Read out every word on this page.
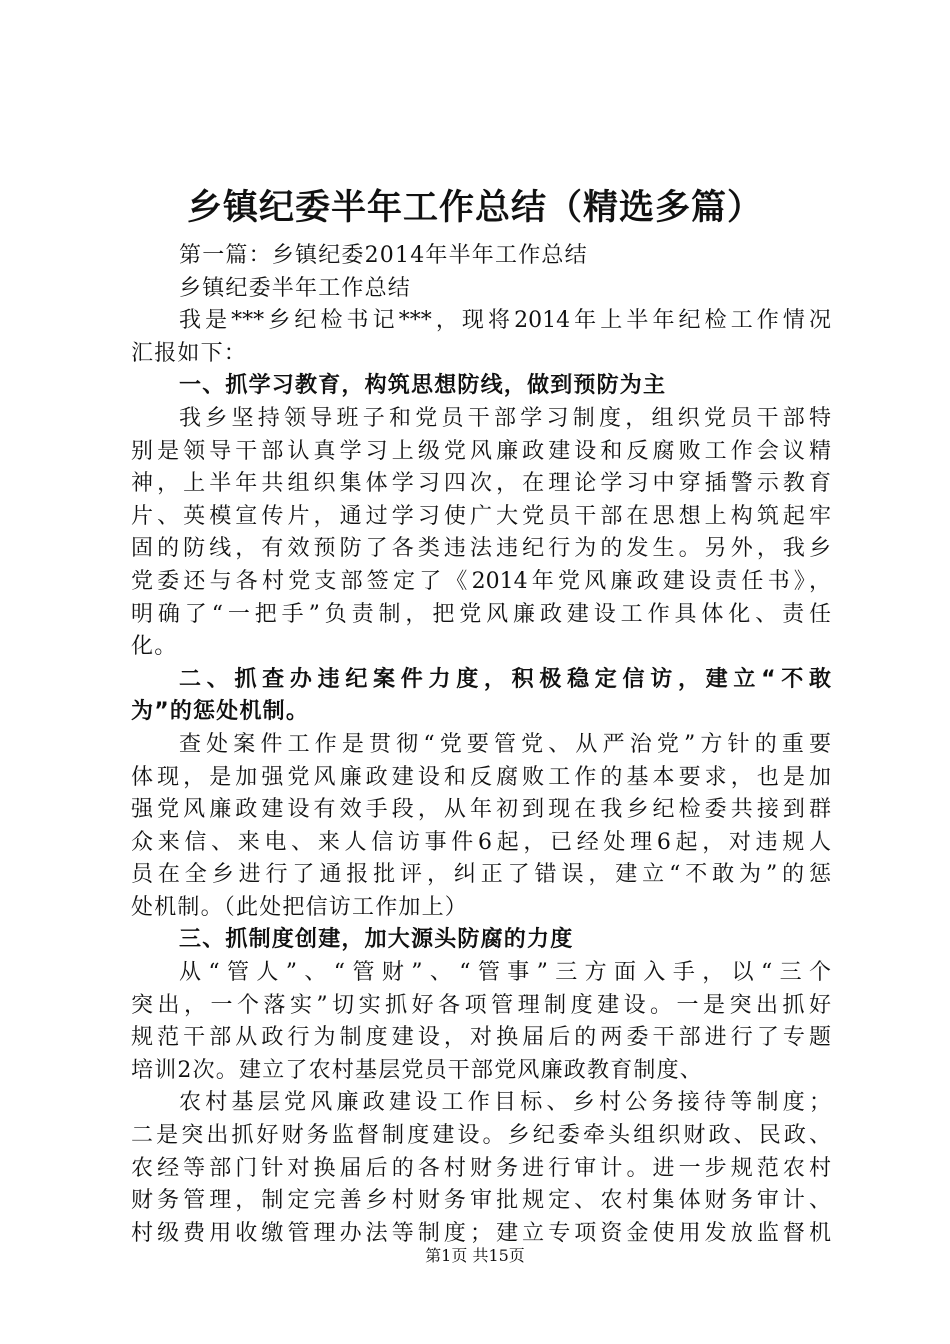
乡镇纪委半年工作总结（精选多篇）
第一篇：乡镇纪委2014年半年工作总结
乡镇纪委半年工作总结
我是***乡纪检书记***，现将2014年上半年纪检工作情况
汇报如下：
一、抓学习教育，构筑思想防线，做到预防为主
我乡坚持领导班子和党员干部学习制度，组织党员干部特
别是领导干部认真学习上级党风廉政建设和反腐败工作会议精
神，上半年共组织集体学习四次，在理论学习中穿插警示教育
片、英模宣传片，通过学习使广大党员干部在思想上构筑起牢
固的防线，有效预防了各类违法违纪行为的发生。另外，我乡
党委还与各村党支部签定了《2014年党风廉政建设责任书》，
明确了“一把手”负责制，把党风廉政建设工作具体化、责任
化。
二、抓查办违纪案件力度，积极稳定信访，建立“不敢
为”的惩处机制。
查处案件工作是贯彻“党要管党、从严治党”方针的重要
体现，是加强党风廉政建设和反腐败工作的基本要求，也是加
强党风廉政建设有效手段，从年初到现在我乡纪检委共接到群
众来信、来电、来人信访事件6起，已经处理6起，对违规人
员在全乡进行了通报批评，纠正了错误，建立“不敢为”的惩
处机制。（此处把信访工作加上）
三、抓制度创建，加大源头防腐的力度
从“管人”、“管财”、“管事”三方面入手，以“三个
突出，一个落实”切实抓好各项管理制度建设。一是突出抓好
规范干部从政行为制度建设，对换届后的两委干部进行了专题
培训2次。建立了农村基层党员干部党风廉政教育制度、
农村基层党风廉政建设工作目标、乡村公务接待等制度；
二是突出抓好财务监督制度建设。乡纪委牵头组织财政、民政、
农经等部门针对换届后的各村财务进行审计。进一步规范农村
财务管理，制定完善乡村财务审批规定、农村集体财务审计、
村级费用收缴管理办法等制度；建立专项资金使用发放监督机
第1页 共15页
